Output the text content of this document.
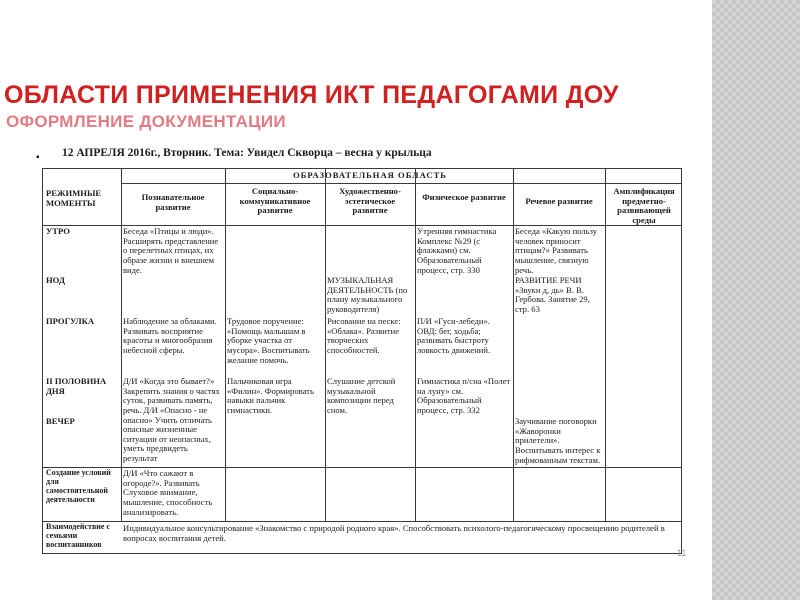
ОБЛАСТИ ПРИМЕНЕНИЯ ИКТ ПЕДАГОГАМИ ДОУ
ОФОРМЛЕНИЕ ДОКУМЕНТАЦИИ
▪ 12 АПРЕЛЯ 2016г., Вторник. Тема: Увидел Скворца – весна у крыльца
РЕЖИМНЫЕ МОМЕНТЫ
ОБРАЗОВАТЕЛЬНАЯ ОБЛАСТЬ
Познавательное развитие
Социально-коммуникативное развитие
Художественно-эстетическое развитие
Физическое развитие	Речевое развитие
Амплификация предметно-развивающей среды
УТРО
НОД
ПРОГУЛКА
II ПОЛОВИНА ДНЯ
ВЕЧЕР
Создание условий для самостоятельной деятельности
Взаимодействие с семьями воспитанников
Беседа «Птицы и люди». Расширять представление о перелетных птицах, их образе жизни и внешнем виде.
Наблюдение за облаками. Развивать восприятие красоты и многообразия небесной сферы.
Д/И «Когда это бывает?» Закрепить знания о частях суток, развивать память, речь. Д/И «Опасно - не опасно» Учить отличать опасные жизненные ситуации от неопасных, уметь предвидеть результат
Д/И «Что сажают в огороде?». Развивать Слуховое внимание, мышление, способность анализировать.
Трудовое поручение: «Помощь малышам в уборке участка от мусора». Воспитывать желание помочь.
Пальчиковая игра «Филин». Формировать навыки пальчик гимнастики.
МУЗЫКАЛЬНАЯ ДЕЯТЕЛЬНОСТЬ (по плану музыкального руководителя)
Рисование на песке: «Облака». Развитие творческих способностей.
Слушание детской музыкальной композиции перед сном.
Утренняя гимнастика Комплекс №29 (с флажками) см. Образовательный процесс, стр. 330
П/И «Гуси-лебеди». ОВД: бег, ходьба; развивать быстроту ловкость движений.
Гимнастика п/сна «Полет на луну» см. Образовательный процесс, стр. 332
Беседа «Какую пользу человек приносит птицам?» Развивать мышление, связную речь.
РАЗВИТИЕ РЕЧИ «Звуки д, дь» В. В. Гербова. Занятие 29, стр. 63
Заучивание поговорки «Жаворонки прилетели». Воспитывать интерес к рифмованным текстам.
Индивидуальное консультирование «Знакомство с природой родного края». Способствовать психолого-педагогическому просвещению родителей в вопросах воспитания детей.
11
